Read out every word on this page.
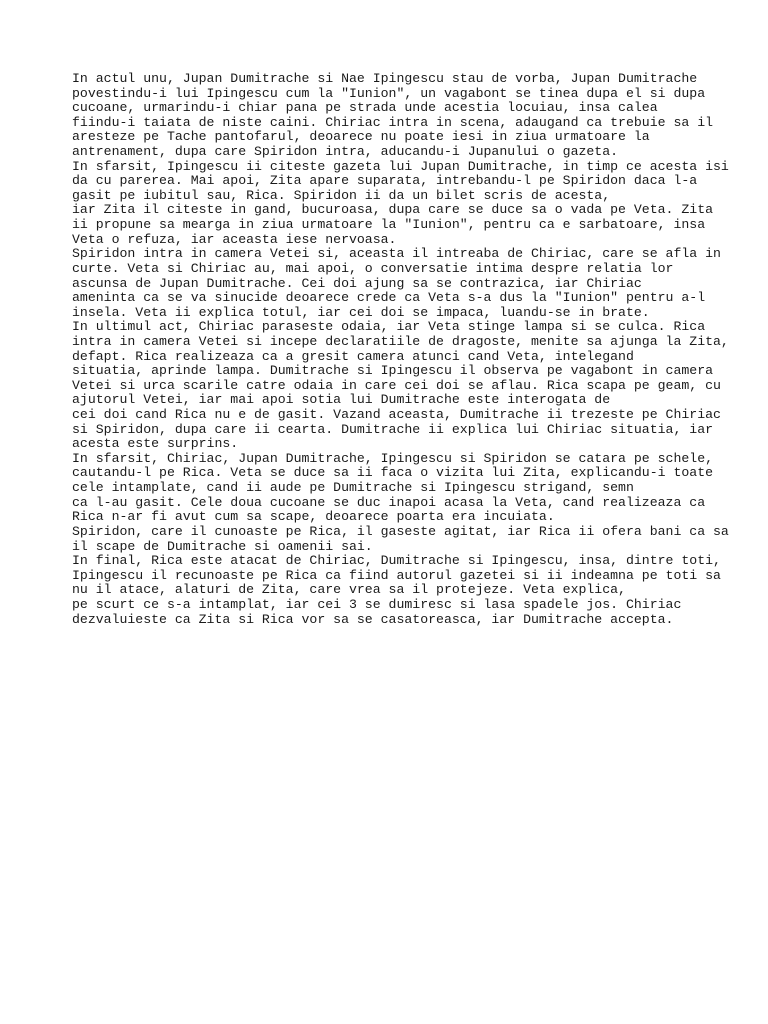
In actul unu, Jupan Dumitrache si Nae Ipingescu stau de vorba, Jupan Dumitrache
povestindu-i lui Ipingescu cum la "Iunion", un vagabont se tinea dupa el si dupa
cucoane, urmarindu-i chiar pana pe strada unde acestia locuiau, insa calea
fiindu-i taiata de niste caini. Chiriac intra in scena, adaugand ca trebuie sa il
aresteze pe Tache pantofarul, deoarece nu poate iesi in ziua urmatoare la
antrenament, dupa care Spiridon intra, aducandu-i Jupanului o gazeta.
In sfarsit, Ipingescu ii citeste gazeta lui Jupan Dumitrache, in timp ce acesta isi
da cu parerea. Mai apoi, Zita apare suparata, intrebandu-l pe Spiridon daca l-a
gasit pe iubitul sau, Rica. Spiridon ii da un bilet scris de acesta,
iar Zita il citeste in gand, bucuroasa, dupa care se duce sa o vada pe Veta. Zita
ii propune sa mearga in ziua urmatoare la "Iunion", pentru ca e sarbatoare, insa
Veta o refuza, iar aceasta iese nervoasa.
Spiridon intra in camera Vetei si, aceasta il intreaba de Chiriac, care se afla in
curte. Veta si Chiriac au, mai apoi, o conversatie intima despre relatia lor
ascunsa de Jupan Dumitrache. Cei doi ajung sa se contrazica, iar Chiriac
ameninta ca se va sinucide deoarece crede ca Veta s-a dus la "Iunion" pentru a-l
insela. Veta ii explica totul, iar cei doi se impaca, luandu-se in brate.
In ultimul act, Chiriac paraseste odaia, iar Veta stinge lampa si se culca. Rica
intra in camera Vetei si incepe declaratiile de dragoste, menite sa ajunga la Zita,
defapt. Rica realizeaza ca a gresit camera atunci cand Veta, intelegand
situatia, aprinde lampa. Dumitrache si Ipingescu il observa pe vagabont in camera
Vetei si urca scarile catre odaia in care cei doi se aflau. Rica scapa pe geam, cu
ajutorul Vetei, iar mai apoi sotia lui Dumitrache este interogata de
cei doi cand Rica nu e de gasit. Vazand aceasta, Dumitrache ii trezeste pe Chiriac
si Spiridon, dupa care ii cearta. Dumitrache ii explica lui Chiriac situatia, iar
acesta este surprins.
In sfarsit, Chiriac, Jupan Dumitrache, Ipingescu si Spiridon se catara pe schele,
cautandu-l pe Rica. Veta se duce sa ii faca o vizita lui Zita, explicandu-i toate
cele intamplate, cand ii aude pe Dumitrache si Ipingescu strigand, semn
ca l-au gasit. Cele doua cucoane se duc inapoi acasa la Veta, cand realizeaza ca
Rica n-ar fi avut cum sa scape, deoarece poarta era incuiata.
Spiridon, care il cunoaste pe Rica, il gaseste agitat, iar Rica ii ofera bani ca sa
il scape de Dumitrache si oamenii sai.
In final, Rica este atacat de Chiriac, Dumitrache si Ipingescu, insa, dintre toti,
Ipingescu il recunoaste pe Rica ca fiind autorul gazetei si ii indeamna pe toti sa
nu il atace, alaturi de Zita, care vrea sa il protejeze. Veta explica,
pe scurt ce s-a intamplat, iar cei 3 se dumiresc si lasa spadele jos. Chiriac
dezvaluieste ca Zita si Rica vor sa se casatoreasca, iar Dumitrache accepta.
